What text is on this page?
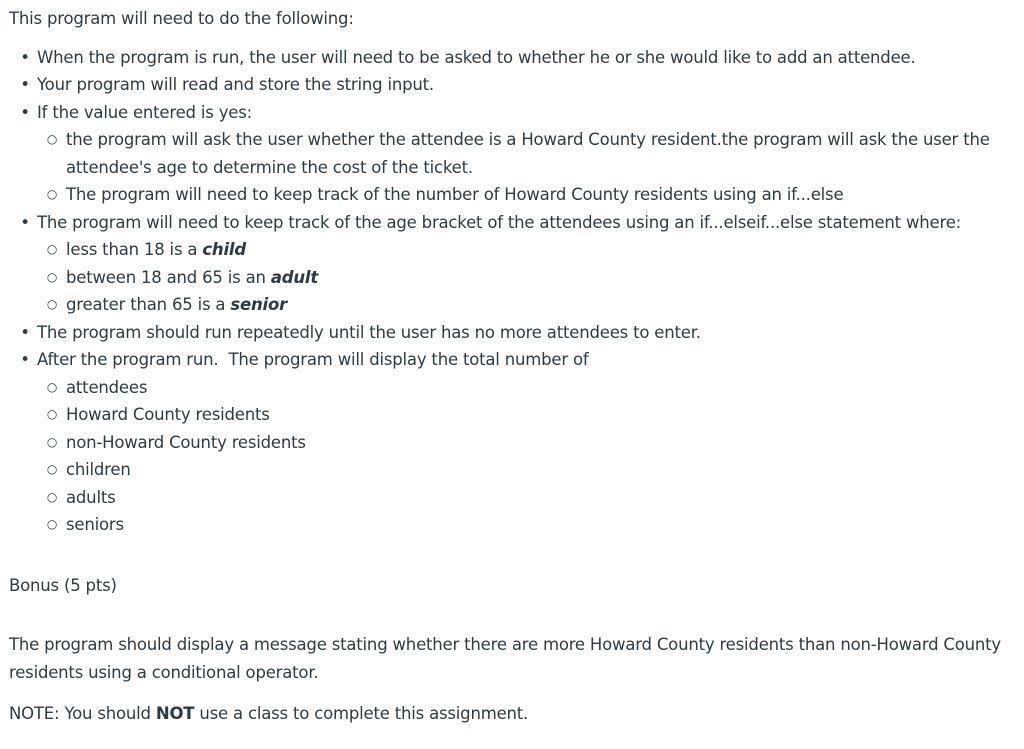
This program will need to do the following:

• When the program is run, the user will need to be asked to whether he or she would like to add an attendee.
• Your program will read and store the string input.
• If the value entered is yes:
○ the program will ask the user whether the attendee is a Howard County resident.the program will ask the user the attendee's age to determine the cost of the ticket.
○ The program will need to keep track of the number of Howard County residents using an if...else
• The program will need to keep track of the age bracket of the attendees using an if...elseif...else statement where:
○ less than 18 is a child
○ between 18 and 65 is an adult
○ greater than 65 is a senior
• The program should run repeatedly until the user has no more attendees to enter.
• After the program run.  The program will display the total number of
○ attendees
○ Howard County residents
○ non-Howard County residents
○ children
○ adults
○ seniors

Bonus (5 pts)

The program should display a message stating whether there are more Howard County residents than non-Howard County residents using a conditional operator.

NOTE: You should NOT use a class to complete this assignment.
